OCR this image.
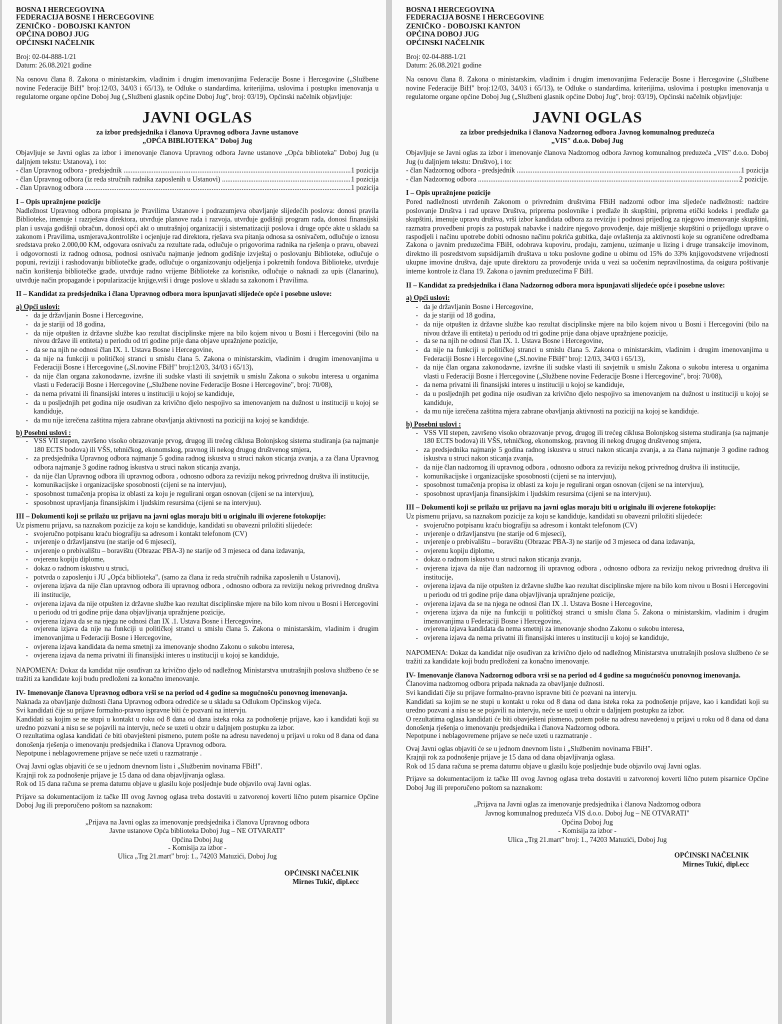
BOSNA I HERCEGOVINA

FEDERACIJA BOSNE I HERCEGOVINE

ZENIČKO - DOBOJSKI KANTON

OPĆINA DOBOJ JUG

OPĆINSKI NAČELNIK

Broj: 02-04-888-1/21

Datum: 26.08.2021 godine

Na osnovu člana 8. Zakona o ministarskim, vladinim i drugim imenovanjima Federacije Bosne i Hercegovine („Službene novine Federacije BiH" broj:12/03, 34/03 i 65/13), te Odluke o standardima, kriterijima, uslovima i postupku imenovanja u regulatorne organe općine Doboj Jug („Službeni glasnik općine Doboj Jug", broj: 03/19), Općinski načelnik objavljuje:

JAVNI OGLAS

za izbor predsjednika i članova Upravnog odbora Javne ustanove

„OPĆA BIBLIOTEKA" Doboj Jug

Objavljuje se Javni oglas za izbor i imenovanje članova Upravnog odbora Javne ustanove „Opća biblioteka" Doboj Jug (u daljnjem tekstu: Ustanova), i to:

- član Upravnog odbora - predsjednik .....	1 pozicija
- član Upravnog odbora (iz reda stručnih radnika zaposlenih u Ustanovi) .....	1 pozicija
- član Upravnog odbora .....	1 pozicija

I – Opis upražnjene pozicije

Nadležnost Upravnog odbora propisana je Pravilima Ustanove i podrazumjeva obavljanje slijedećih poslova: donosi pravila Biblioteke, imenuje i razrješava direktora, utvrđuje planove rada i razvoja, utvrđuje godišnji program rada, donosi finansijski plan i usvaja godišnji obračun, donosi opći akt o unutrašnjoj organizaciji i sistematizaciji poslova i druge opće akte u skladu sa zakonom i Pravilima, usmjerava,kontrolište i ocjenjuje rad direktora, rješava sva pitanja odnosa sa osnivačem, odlučuje o iznosu sredstava preko 2.000,00 KM, odgovara osnivaču za rezultate rada, odlučuje o prigovorima radnika na rješenja o pravu, obavezi i odgovornosti iz radnog odnosa, podnosi osnivaču najmanje jednom godišnje izvještaj o poslovanju Biblioteke, odlučuje o popuni, reviziji i rashodovanju bibliotečke građe, odlučuje o organizovanju odjeljenja i pokretnih fondova Biblioteke, utvrđuje način korištenja bibliotečke građe, utvrđuje radno vrijeme Biblioteke za korisnike, odlučuje o naknadi za upis (članarinu), utvrđuje način propagande i popularizacije knjige,vrši i druge poslove u skladu sa zakonom i Pravilima.

II – Kandidat za predsjednika i člana Upravnog odbora mora ispunjavati slijedeće opće i posebne uslove:

a) Opći uslovi:

- da je državljanin Bosne i Hercegovine,
- da je stariji od 18 godina,
- da nije otpušten iz državne službe kao rezultat disciplinske mjere na bilo kojem nivou u Bosni i Hercegovini (bilo na nivou države ili entiteta) u periodu od tri godine prije dana objave upražnjene pozicije,
- da se na njih ne odnosi član IX. 1. Ustava Bosne i Hercegovine,
- da nije na funkciji u političkoj stranci u smislu člana 5. Zakona o ministarskim, vladinim i drugim imenovanjima u Federaciji Bosne i Hercegovine („Sl.novine FBiH" broj:12/03, 34/03 i 65/13),
- da nije član organa zakonodavne, izvršne ili sudske vlasti ili savjetnik u smislu Zakona o sukobu interesa u organima vlasti u Federaciji Bosne i Hercegovine („Službene novine Federacije Bosne i Hercegovine", broj: 70/08),
- da nema privatni ili finansijski interes u instituciji u kojoj se kandiduje,
- da u posljednjih pet godina nije osuđivan za krivično djelo nespojivo sa imenovanjem na dužnost u instituciji u kojoj se kandiduje,
- da mu nije izrečena zaštitna mjera zabrane obavljanja aktivnosti na poziciji na kojoj se kandiduje.

b) Posebni uslovi :

- VSS VII stepen, završeno visoko obrazovanje prvog, drugog ili trećeg ciklusa Bolonjskog sistema studiranja (sa najmanje 180 ECTS bodova) ili VŠS, tehničkog, ekonomskog, pravnog ili nekog drugog društvenog smjera,
- za predsjednika Upravnog odbora najmanje 5 godina radnog iskustva u struci nakon sticanja zvanja, a za člana Upravnog odbora najmanje 3 godine radnog iskustva u struci nakon sticanja zvanja,
- da nije član Upravnog odbora ili upravnog odbora , odnosno odbora za reviziju nekog privrednog društva ili institucije,
- komunikacijske i organizacijske sposobnosti (cijeni se na intervjuu),
- sposobnost tumačenja propisa iz oblasti za koju je regulirani organ osnovan (cijeni se na intervjuu),
- sposobnost upravljanja finansijskim i ljudskim resursima (cijeni se na intervjuu).

III – Dokumenti koji se prilažu uz prijavu na javni oglas moraju biti u originalu ili ovjerene fotokopije:

Uz pismenu prijavu, sa naznakom pozicije za koju se kandiduje, kandidati su obavezni priložiti slijedeće:

- svojeručno potpisanu kraću biografiju sa adresom i kontakt telefonom (CV)
- uvjerenje o državljanstvu (ne starije od 6 mjeseci),
- uvjerenje o prebivalištu – boravištu (Obrazac PBA-3) ne starije od 3 mjeseca od dana izdavanja,
- ovjerenu kopiju diplome,
- dokaz o radnom iskustvu u struci,
- potvrda o zaposlenju i JU „Opća biblioteka", (samo za člana iz reda stručnih radnika zaposlenih u Ustanovi),
- ovjerena izjava da nije član upravnog odbora ili upravnog odbora , odnosno odbora za reviziju nekog privrednog društva ili institucije,
- ovjerena izjava da nije otpušten iz državne službe kao rezultat disciplinske mjere na bilo kom nivou u Bosni i Hercegovini u periodu od tri godine prije dana objavljivanja upražnjene pozicije,
- ovjerena izjava da se na njega ne odnosi član IX .1. Ustava Bosne i Hercegovine,
- ovjerena izjava da nije na funkciji u političkoj stranci u smislu člana 5. Zakona o ministarskim, vladinim i drugim imenovanjima u Federaciji Bosne i Hercegovine,
- ovjerena izjava kandidata da nema smetnji za imenovanje shodno Zakonu o sukobu interesa,
- ovjerena izjava da nema privatni ili finansijski interes u instituciji u kojoj se kandiduje,

NAPOMENA: Dokaz da kandidat nije osuđivan za krivično djelo od nadležnog Ministarstva unutrašnjih poslova službeno će se tražiti za kandidate koji budu predloženi za konačno imenovanje.

IV- Imenovanje članova Upravnog odbora vrši se na period od 4 godine sa mogućnošću ponovnog imenovanja.

Naknada za obavljanje dužnosti člana Upravnog odbora odrediće se u skladu sa Odlukom Općinskog vijeća.

Svi kandidati čije su prijave formalno-pravno ispravne biti će pozvani na intervju.

Kandidati sa kojim se ne stupi u kontakt u roku od 8 dana od dana isteka roka za podnošenje prijave, kao i kandidati koji su uredno pozvani a nisu se se pojavili na intervju, neće se uzeti u obzir u daljnjem postupku za izbor.

O rezultatima oglasa kandidati će biti obavješteni pismeno, putem pošte na adresu navedenoj u prijavi u roku od 8 dana od dana donošenja rješenja o imenovanju predsjednika i članova Upravnog odbora.

Nepotpune i neblagovremene prijave se neće uzeti u razmatranje .

Ovaj Javni oglas objaviti će se u jednom dnevnom listu i „Službenim novinama FBiH".

Krajnji rok za podnošenje prijave je 15 dana od dana objavljivanja oglasa.

Rok od 15 dana računa se prema datumu objave u glasilu koje posljednje bude objavilo ovaj Javni oglas.

Prijave sa dokumentacijom iz tačke III ovog Javnog oglasa treba dostaviti u zatvorenoj koverti lično putem pisarnice Općine Doboj Jug ili preporučeno poštom sa naznakom:

„Prijava na Javni oglas za imenovanje predsjednika i članova Upravnog odbora

Javne ustanove Opća biblioteka Doboj Jug – NE OTVARATI"

Općina Doboj Jug

- Komisija za izbor -

Ulica „Trg 21.mart" broj: 1., 74203 Matuzići, Doboj Jug

OPĆINSKI NAČELNIK

Mirnes Tukić, dipl.ecc

BOSNA I HERCEGOVINA

FEDERACIJA BOSNE I HERCEGOVINE

ZENIČKO - DOBOJSKI KANTON

OPĆINA DOBOJ JUG

OPĆINSKI NAČELNIK

Broj: 02-04-888-1/21

Datum: 26.08.2021 godine

Na osnovu člana 8. Zakona o ministarskim, vladinim i drugim imenovanjima Federacije Bosne i Hercegovine („Službene novine Federacije BiH" broj:12/03, 34/03 i 65/13), te Odluke o standardima, kriterijima, uslovima i postupku imenovanja u regulatorne organe općine Doboj Jug („Službeni glasnik općine Doboj Jug", broj: 03/19), Općinski načelnik objavljuje:

JAVNI OGLAS

za izbor predsjednika i članova Nadzornog odbora Javnog komunalnog preduzeća

„VIS" d.o.o. Doboj Jug

Objavljuje se Javni oglas za izbor i imenovanje članova Nadzornog odbora Javnog komunalnog preduzeća „VIS" d.o.o. Doboj Jug (u daljnjem tekstu: Društvo), i to:

- član Nadzornog odbora - predsjednik .....	1 pozicija
- član Nadzornog odbora .....	2 pozicije.

I – Opis upražnjene pozicije

Pored nadležnosti utvrđenih Zakonom o privrednim društvima FBiH nadzorni odbor ima sljedeće nadležnosti: nadzire poslovanje Društva i rad uprave Društva, priprema poslovnike i predlaže ih skupštini, priprema etički kodeks i predlaže ga skupštini, imenuje upravu društva, vrši izbor kandidata odbora za reviziju i podnosi prijedlog za njegovo imenovanje skupštini, razmatra provedbeni propis za postupak nabavke i nadzire njegovo provođenje, daje mišljenje skupštini o prijedlogu uprave o raspodjeli i načinu upotrebe dobiti odnosno načinu pokrića gubitka, daje ovlaštenja za aktivnosti koje su ograničene odredbama Zakona o javnim preduzećima FBiH, odobrava kupoviru, prodaju, zamjenu, uzimanje u lizing i druge transakcije imovinom, direktno ili posredstvom supsidijarnih društava u toku poslovne godine u obimu od 15% do 33% knjigovodstvene vrijednosti ukupne imovine društva, daje upute direktoru za provođenje uvida u vezi sa uočenim nepravilnostima, da osigura poštivanje interne kontrole iz člana 19. Zakona o javnim preduzećima F BiH.

II – Kandidat za predsjednika i člana Nadzornog odbora mora ispunjavati slijedeće opće i posebne uslove:

a) Opći uslovi:

- da je državljanin Bosne i Hercegovine,
- da je stariji od 18 godina,
- da nije otpušten iz državne službe kao rezultat disciplinske mjere na bilo kojem nivou u Bosni i Hercegovini (bilo na nivou države ili entiteta) u periodu od tri godine prije dana objave upražnjene pozicije,
- da se na njih ne odnosi član IX. 1. Ustava Bosne i Hercegovine,
- da nije na funkciji u političkoj stranci u smislu člana 5. Zakona o ministarskim, vladinim i drugim imenovanjima u Federaciji Bosne i Hercegovine („Sl.novine FBiH" broj: 12/03, 34/03 i 65/13),
- da nije član organa zakonodavne, izvršne ili sudske vlasti ili savjetnik u smislu Zakona o sukobu interesa u organima vlasti u Federaciji Bosne i Hercegovine („Službene novine Federacije Bosne i Hercegovine", broj: 70/08),
- da nema privatni ili finansijski interes u instituciji u kojoj se kandiduje,
- da u posljednjih pet godina nije osuđivan za krivično djelo nespojivo sa imenovanjem na dužnost u instituciji u kojoj se kandiduje,
- da mu nije izrečena zaštitna mjera zabrane obavljanja aktivnosti na poziciji na kojoj se kandiduje.

b) Posebni uslovi :

- VSS VII stepen, završeno visoko obrazovanje prvog, drugog ili trećeg ciklusa Bolonjskog sistema studiranja (sa najmanje 180 ECTS bodova) ili VŠS, tehničkog, ekonomskog, pravnog ili nekog drugog društvenog smjera,
- za predsjednika najmanje 5 godina radnog iskustva u struci nakon sticanja zvanja, a za člana najmanje 3 godine radnog iskustva u struci nakon sticanja zvanja,
- da nije član nadzornog ili upravnog odbora , odnosno odbora za reviziju nekog privrednog društva ili institucije,
- komunikacijske i organizacijske sposobnosti (cijeni se na intervjuu),
- sposobnost tumačenja propisa iz oblasti za koju je regulirani organ osnovan (cijeni se na intervjuu),
- sposobnost upravljanja finansijskim i ljudskim resursima (cijeni se na intervjuu).

III – Dokumenti koji se prilažu uz prijavu na javni oglas moraju biti u originalu ili ovjerene fotokopije:

Uz pismenu prijavu, sa naznakom pozicije za koju se kandiduje, kandidati su obavezni priložiti slijedeće:

- svojeručno potpisanu kraću biografiju sa adresom i kontakt telefonom (CV)
- uvjerenje o državljanstvu (ne starije od 6 mjeseci),
- uvjerenje o prebivalištu – boravištu (Obrazac PBA-3) ne starije od 3 mjeseca od dana izdavanja,
- ovjerenu kopiju diplome,
- dokaz o radnom iskustvu u struci nakon sticanja zvanja,
- ovjerena izjava da nije član nadzornog ili upravnog odbora , odnosno odbora za reviziju nekog privrednog društva ili institucije,
- ovjerena izjava da nije otpušten iz državne službe kao rezultat disciplinske mjere na bilo kom nivou u Bosni i Hercegovini u periodu od tri godine prije dana objavljivanja upražnjene pozicije,
- ovjerena izjava da se na njega ne odnosi član IX .1. Ustava Bosne i Hercegovine,
- ovjerena izjava da nije na funkciji u političkoj stranci u smislu člana 5. Zakona o ministarskim, vladinim i drugim imenovanjima u Federaciji Bosne i Hercegovine,
- ovjerena izjava kandidata da nema smetnji za imenovanje shodno Zakonu o sukobu interesa,
- ovjerena izjava da nema privatni ili finansijski interes u instituciji u kojoj se kandiduje,

NAPOMENA: Dokaz da kandidat nije osuđivan za krivično djelo od nadležnog Ministarstva unutrašnjih poslova službeno će se tražiti za kandidate koji budu predloženi za konačno imenovanje.

IV- Imenovanje članova Nadzornog odbora vrši se na period od 4 godine sa mogućnošću ponovnog imenovanja.

Članovima nadzornog odbora pripada naknada za obavljanje dužnosti.

Svi kandidati čije su prijave formalno-pravno ispravne biti će pozvani na intervju.

Kandidati sa kojim se ne stupi u kontakt u roku od 8 dana od dana isteka roka za podnošenje prijave, kao i kandidati koji su uredno pozvani a nisu se se pojavili na intervju, neće se uzeti u obzir u daljnjem postupku za izbor.

O rezultatima oglasa kandidati će biti obavješteni pismeno, putem pošte na adresu navedenoj u prijavi u roku od 8 dana od dana donošenja rješenja o imenovanju predsjednika i članova Nadzornog odbora.

Nepotpune i neblagovremene prijave se neće uzeti u razmatranje .

Ovaj Javni oglas objaviti će se u jednom dnevnom listu i „Službenim novinama FBiH".

Krajnji rok za podnošenje prijave je 15 dana od dana objavljivanja oglasa.

Rok od 15 dana računa se prema datumu objave u glasilu koje posljednje bude objavilo ovaj Javni oglas.

Prijave sa dokumentacijom iz tačke III ovog Javnog oglasa treba dostaviti u zatvorenoj koverti lično putem pisarnice Općine Doboj Jug ili preporučeno poštom sa naznakom:

„Prijava na Javni oglas za imenovanje predsjednika i članova Nadzornog odbora

Javnog komunalnog preduzeća VIS d.o.o. Doboj Jug – NE OTVARATI"

Općina Doboj Jug

- Komisija za izbor -

Ulica „Trg 21.mart" broj: 1., 74203 Matuzići, Doboj Jug

OPĆINSKI NAČELNIK

Mirnes Tukić, dipl.ecc
